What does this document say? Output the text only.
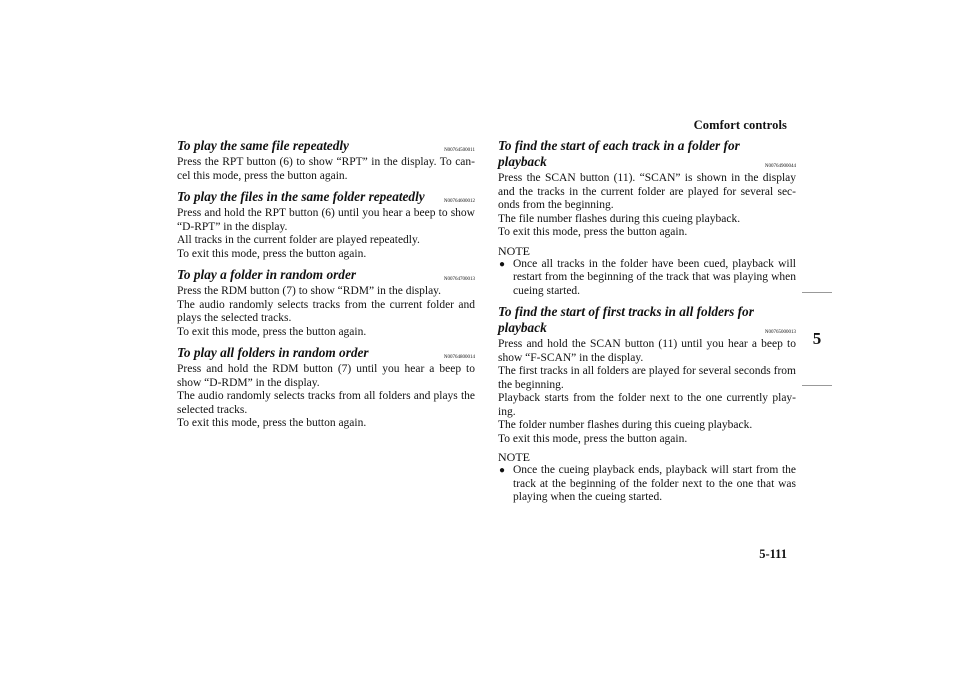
Comfort controls
5
5-111
To play the same file repeatedly	N00764500011

Press the RPT button (6) to show “RPT” in the display. To can-cel this mode, press the button again.

To play the files in the same folder repeatedly	N00764600012

Press and hold the RPT button (6) until you hear a beep to show “D-RPT” in the display.

All tracks in the current folder are played repeatedly.

To exit this mode, press the button again.

To play a folder in random order	N00764700013

Press the RDM button (7) to show “RDM” in the display.

The audio randomly selects tracks from the current folder and plays the selected tracks.

To exit this mode, press the button again.

To play all folders in random order	N00764800014

Press and hold the RDM button (7) until you hear a beep to show “D-RDM” in the display.

The audio randomly selects tracks from all folders and plays the selected tracks.

To exit this mode, press the button again.

To find the start of each track in a folder for playback	N00764900044

Press the SCAN button (11). “SCAN” is shown in the display and the tracks in the current folder are played for several sec-onds from the beginning.

The file number flashes during this cueing playback.

To exit this mode, press the button again.

NOTE
● Once all tracks in the folder have been cued, playback will restart from the beginning of the track that was playing when cueing started.
To find the start of first tracks in all folders for playback	N00765000013

Press and hold the SCAN button (11) until you hear a beep to show “F-SCAN” in the display.

The first tracks in all folders are played for several seconds from the beginning.

Playback starts from the folder next to the one currently play-ing.

The folder number flashes during this cueing playback.

To exit this mode, press the button again.

NOTE
● Once the cueing playback ends, playback will start from the track at the beginning of the folder next to the one that was playing when the cueing started.
